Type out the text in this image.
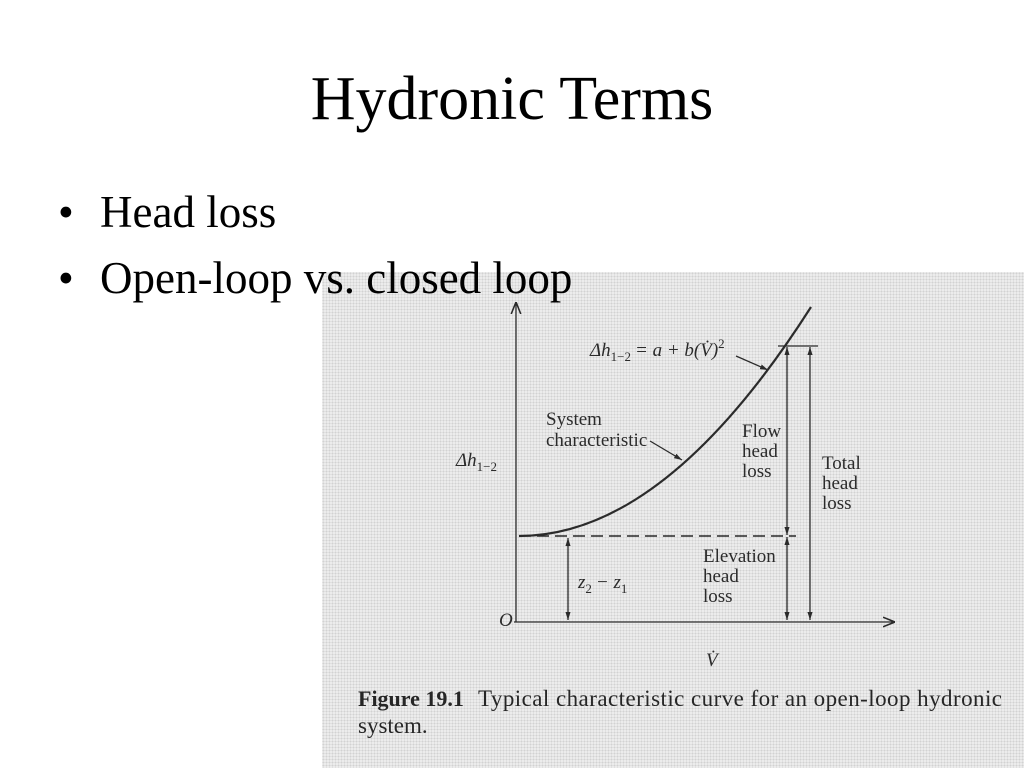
Hydronic Terms
•
Head loss
•
Open-loop vs. closed loop
O
$\Delta h_{1-2}$
V̇
$\Delta h_{1-2} = a$ + b(V̇)$^2$
System
characteristic	Flow
head
loss	Total
head
loss
Elevation
head
loss
$z_2 - z_1$
Figure 19.1 Typical characteristic curve for an open-loop hydronic
system.
